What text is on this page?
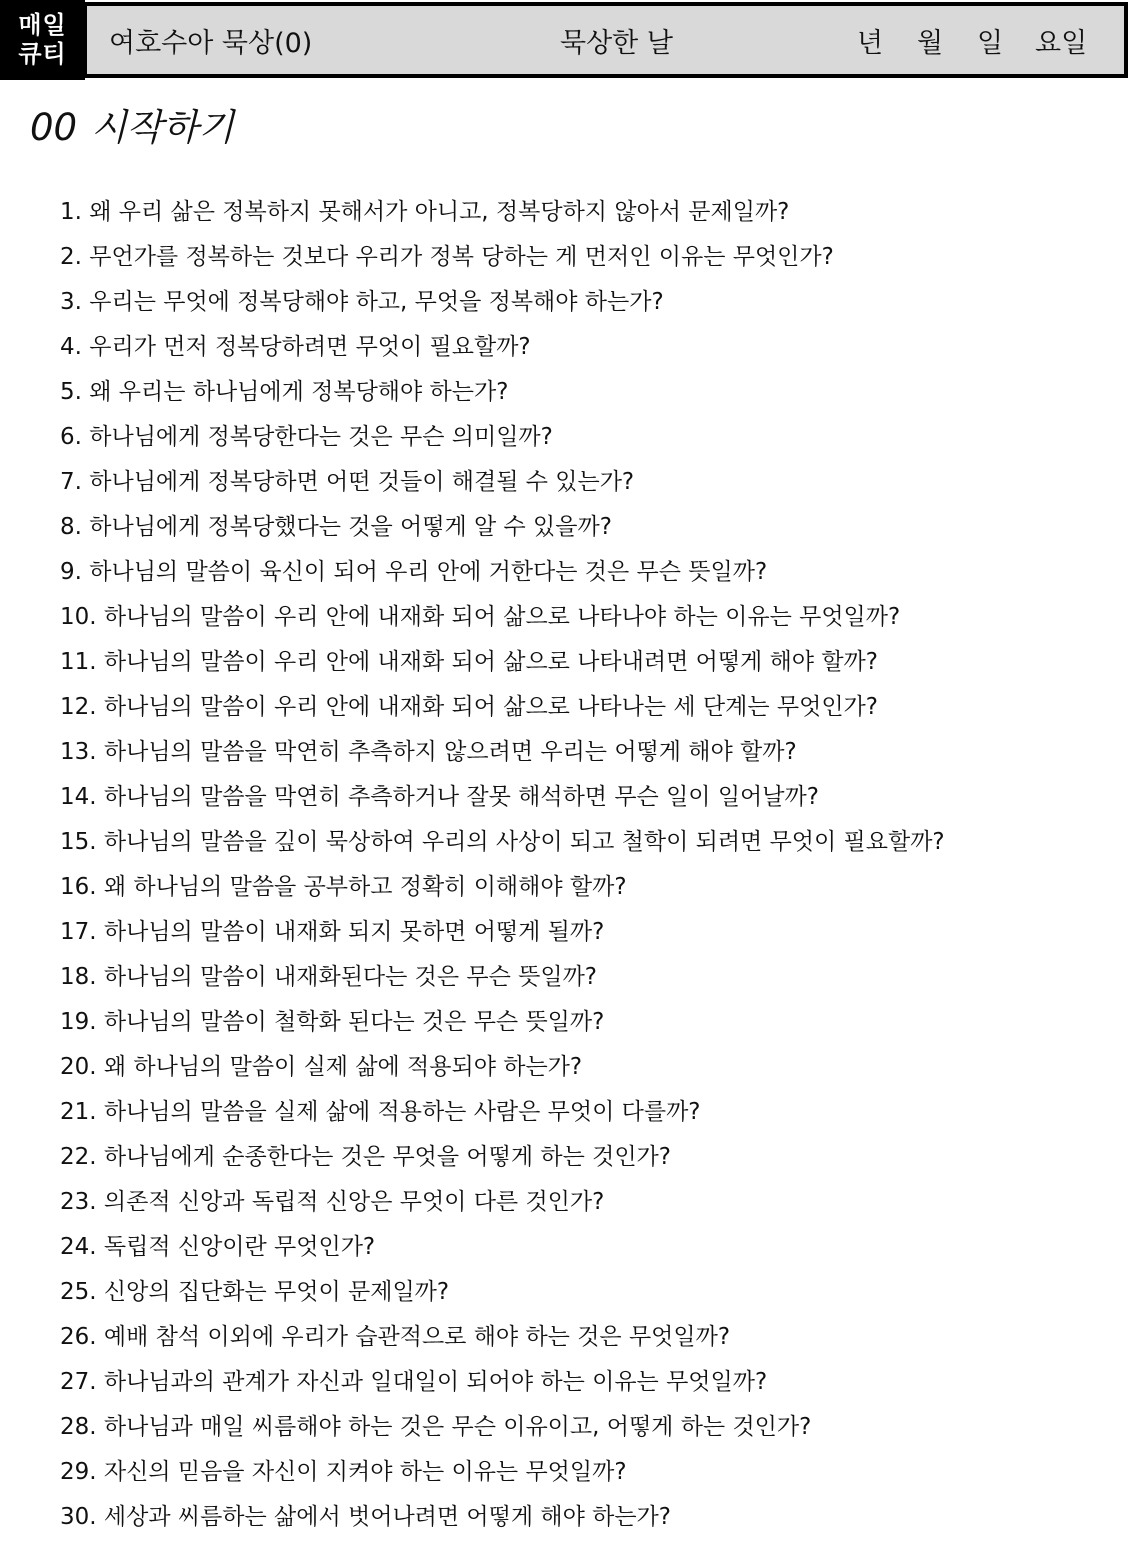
매일
큐티 여호수아 묵상(0)	묵상한 날	년	월	일	요일
00 시작하기
1. 왜 우리 삶은 정복하지 못해서가 아니고, 정복당하지 않아서 문제일까?
2. 무언가를 정복하는 것보다 우리가 정복 당하는 게 먼저인 이유는 무엇인가?
3. 우리는 무엇에 정복당해야 하고, 무엇을 정복해야 하는가?
4. 우리가 먼저 정복당하려면 무엇이 필요할까?
5. 왜 우리는 하나님에게 정복당해야 하는가?
6. 하나님에게 정복당한다는 것은 무슨 의미일까?
7. 하나님에게 정복당하면 어떤 것들이 해결될 수 있는가?
8. 하나님에게 정복당했다는 것을 어떻게 알 수 있을까?
9. 하나님의 말씀이 육신이 되어 우리 안에 거한다는 것은 무슨 뜻일까?
10. 하나님의 말씀이 우리 안에 내재화 되어 삶으로 나타나야 하는 이유는 무엇일까?
11. 하나님의 말씀이 우리 안에 내재화 되어 삶으로 나타내려면 어떻게 해야 할까?
12. 하나님의 말씀이 우리 안에 내재화 되어 삶으로 나타나는 세 단계는 무엇인가?
13. 하나님의 말씀을 막연히 추측하지 않으려면 우리는 어떻게 해야 할까?
14. 하나님의 말씀을 막연히 추측하거나 잘못 해석하면 무슨 일이 일어날까?
15. 하나님의 말씀을 깊이 묵상하여 우리의 사상이 되고 철학이 되려면 무엇이 필요할까?
16. 왜 하나님의 말씀을 공부하고 정확히 이해해야 할까?
17. 하나님의 말씀이 내재화 되지 못하면 어떻게 될까?
18. 하나님의 말씀이 내재화된다는 것은 무슨 뜻일까?
19. 하나님의 말씀이 철학화 된다는 것은 무슨 뜻일까?
20. 왜 하나님의 말씀이 실제 삶에 적용되야 하는가?
21. 하나님의 말씀을 실제 삶에 적용하는 사람은 무엇이 다를까?
22. 하나님에게 순종한다는 것은 무엇을 어떻게 하는 것인가?
23. 의존적 신앙과 독립적 신앙은 무엇이 다른 것인가?
24. 독립적 신앙이란 무엇인가?
25. 신앙의 집단화는 무엇이 문제일까?
26. 예배 참석 이외에 우리가 습관적으로 해야 하는 것은 무엇일까?
27. 하나님과의 관계가 자신과 일대일이 되어야 하는 이유는 무엇일까?
28. 하나님과 매일 씨름해야 하는 것은 무슨 이유이고, 어떻게 하는 것인가?
29. 자신의 믿음을 자신이 지켜야 하는 이유는 무엇일까?
30. 세상과 씨름하는 삶에서 벗어나려면 어떻게 해야 하는가?
